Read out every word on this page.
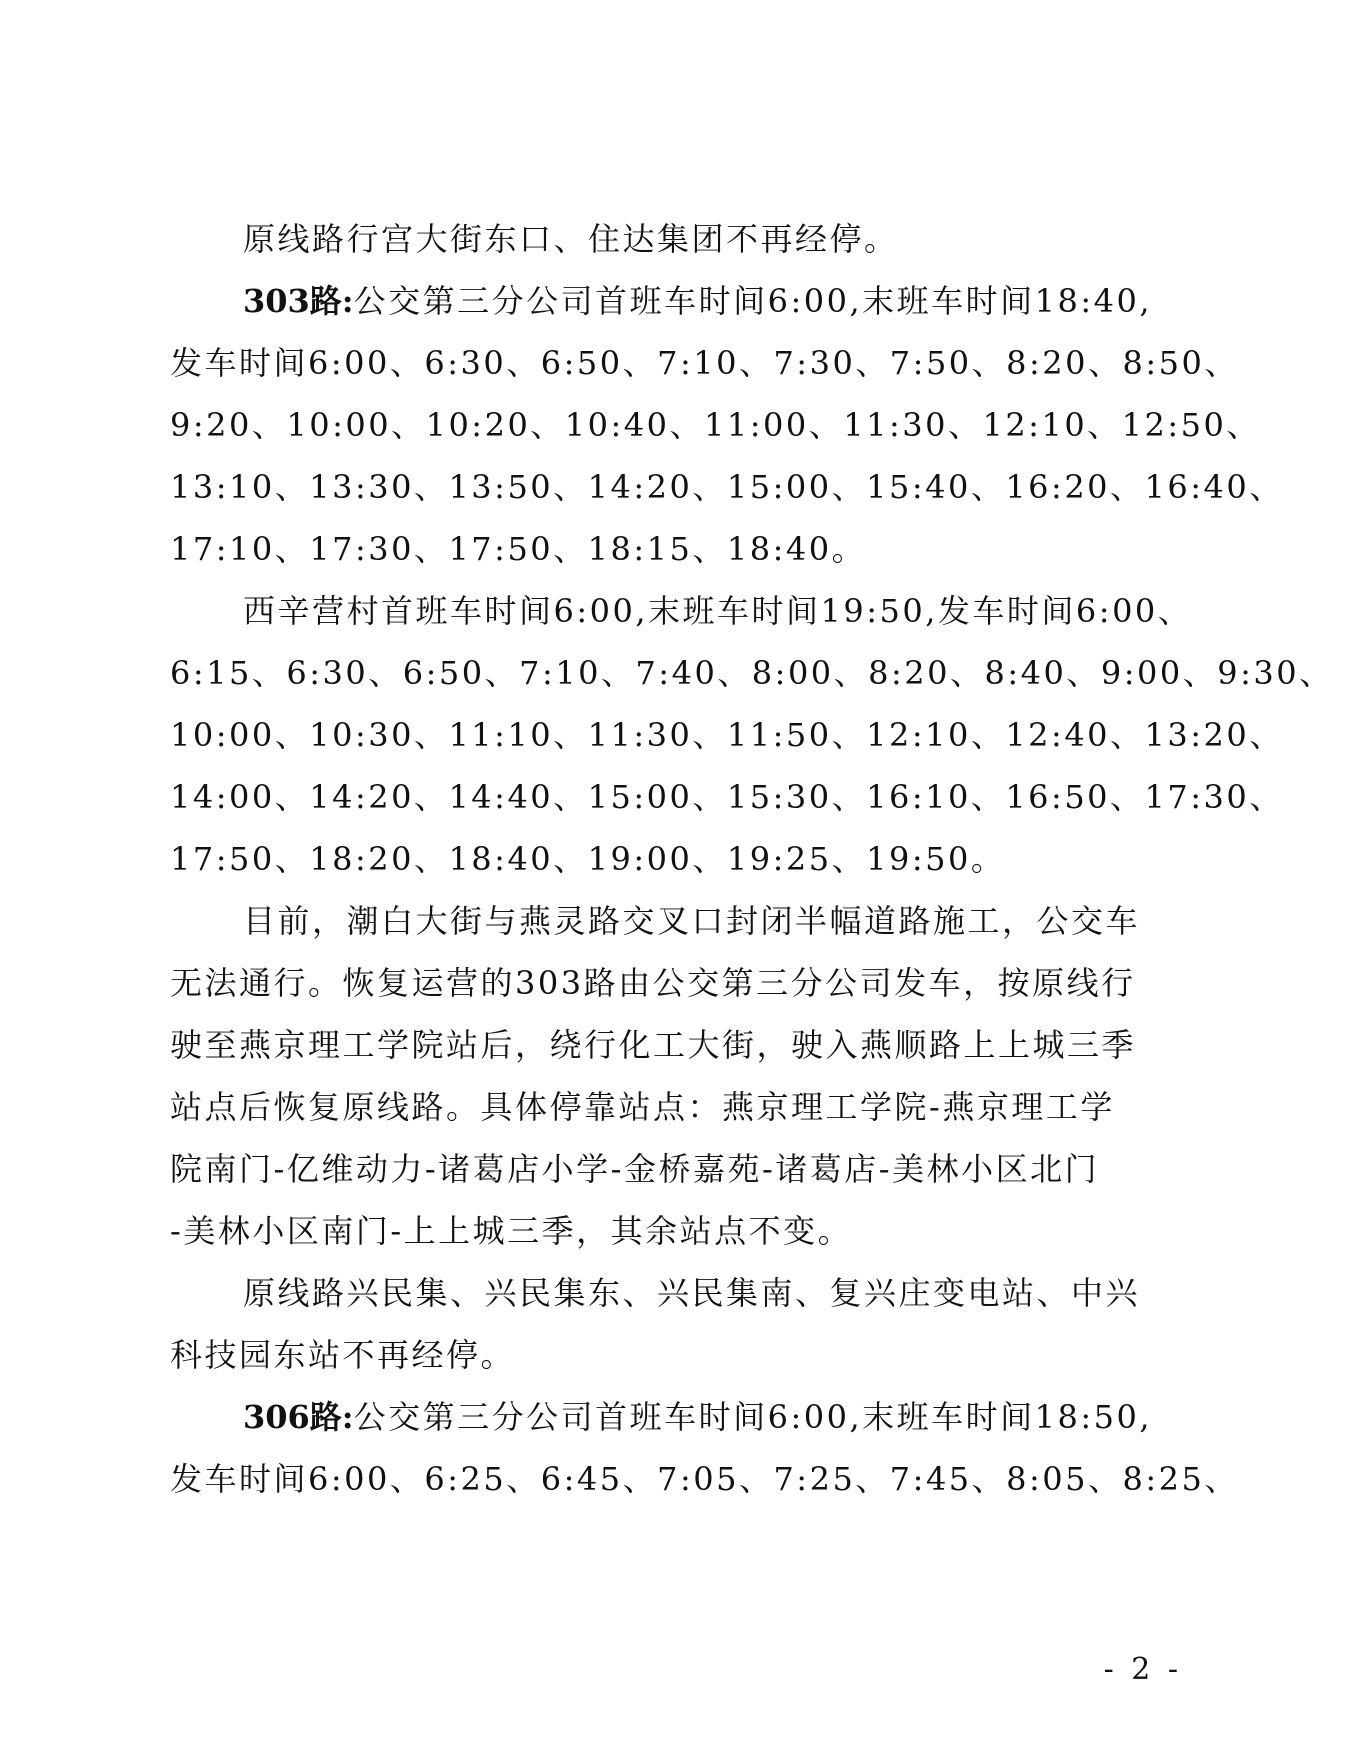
原线路行宫大街东口、住达集团不再经停。

303路:公交第三分公司首班车时间6:00,末班车时间18:40,
发车时间6:00、6:30、6:50、7:10、7:30、7:50、8:20、8:50、
9:20、10:00、10:20、10:40、11:00、11:30、12:10、12:50、
13:10、13:30、13:50、14:20、15:00、15:40、16:20、16:40、
17:10、17:30、17:50、18:15、18:40。

西辛营村首班车时间6:00,末班车时间19:50,发车时间6:00、
6:15、6:30、6:50、7:10、7:40、8:00、8:20、8:40、9:00、9:30、
10:00、10:30、11:10、11:30、11:50、12:10、12:40、13:20、
14:00、14:20、14:40、15:00、15:30、16:10、16:50、17:30、
17:50、18:20、18:40、19:00、19:25、19:50。

目前，潮白大街与燕灵路交叉口封闭半幅道路施工，公交车
无法通行。恢复运营的303路由公交第三分公司发车，按原线行
驶至燕京理工学院站后，绕行化工大街，驶入燕顺路上上城三季
站点后恢复原线路。具体停靠站点：燕京理工学院-燕京理工学
院南门-亿维动力-诸葛店小学-金桥嘉苑-诸葛店-美林小区北门
-美林小区南门-上上城三季，其余站点不变。

原线路兴民集、兴民集东、兴民集南、复兴庄变电站、中兴
科技园东站不再经停。

306路:公交第三分公司首班车时间6:00,末班车时间18:50,
发车时间6:00、6:25、6:45、7:05、7:25、7:45、8:05、8:25、

- 2 -
